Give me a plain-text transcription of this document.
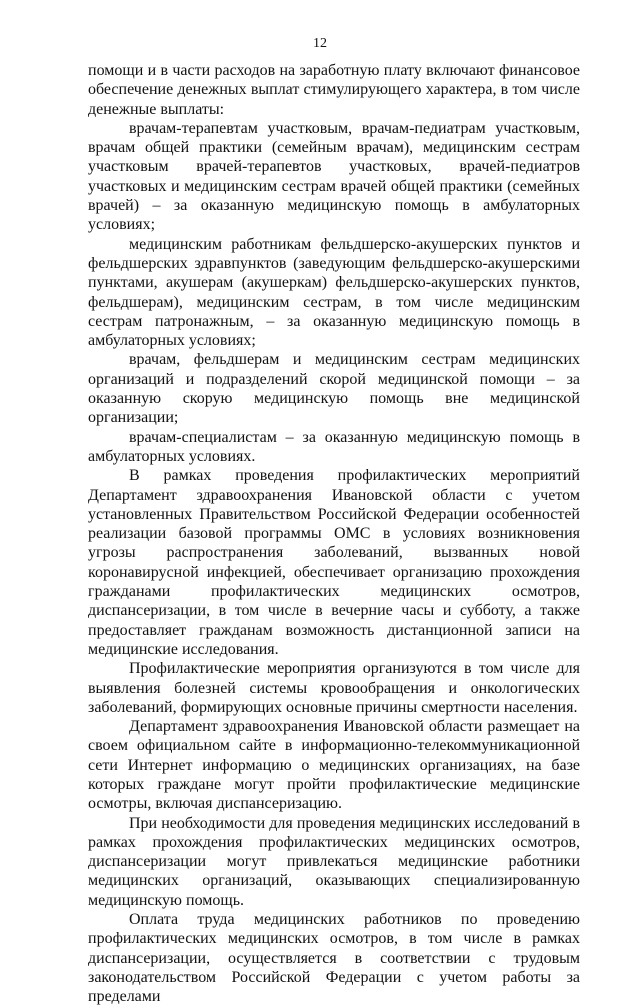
12

помощи и в части расходов на заработную плату включают финансовое обеспечение денежных выплат стимулирующего характера, в том числе денежные выплаты:

врачам-терапевтам участковым, врачам-педиатрам участковым, врачам общей практики (семейным врачам), медицинским сестрам участковым врачей-терапевтов участковых, врачей-педиатров участковых и медицинским сестрам врачей общей практики (семейных врачей) – за оказанную медицинскую помощь в амбулаторных условиях;

медицинским работникам фельдшерско-акушерских пунктов и фельдшерских здравпунктов (заведующим фельдшерско-акушерскими пунктами, акушерам (акушеркам) фельдшерско-акушерских пунктов, фельдшерам), медицинским сестрам, в том числе медицинским сестрам патронажным, – за оказанную медицинскую помощь в амбулаторных условиях;

врачам, фельдшерам и медицинским сестрам медицинских организаций и подразделений скорой медицинской помощи – за оказанную скорую медицинскую помощь вне медицинской организации;

врачам-специалистам – за оказанную медицинскую помощь в амбулаторных условиях.

В рамках проведения профилактических мероприятий Департамент здравоохранения Ивановской области с учетом установленных Правительством Российской Федерации особенностей реализации базовой программы ОМС в условиях возникновения угрозы распространения заболеваний, вызванных новой коронавирусной инфекцией, обеспечивает организацию прохождения гражданами профилактических медицинских осмотров, диспансеризации, в том числе в вечерние часы и субботу, а также предоставляет гражданам возможность дистанционной записи на медицинские исследования.

Профилактические мероприятия организуются в том числе для выявления болезней системы кровообращения и онкологических заболеваний, формирующих основные причины смертности населения.

Департамент здравоохранения Ивановской области размещает на своем официальном сайте в информационно-телекоммуникационной сети Интернет информацию о медицинских организациях, на базе которых граждане могут пройти профилактические медицинские осмотры, включая диспансеризацию.

При необходимости для проведения медицинских исследований в рамках прохождения профилактических медицинских осмотров, диспансеризации могут привлекаться медицинские работники медицинских организаций, оказывающих специализированную медицинскую помощь.

Оплата труда медицинских работников по проведению профилактических медицинских осмотров, в том числе в рамках диспансеризации, осуществляется в соответствии с трудовым законодательством Российской Федерации с учетом работы за пределами
